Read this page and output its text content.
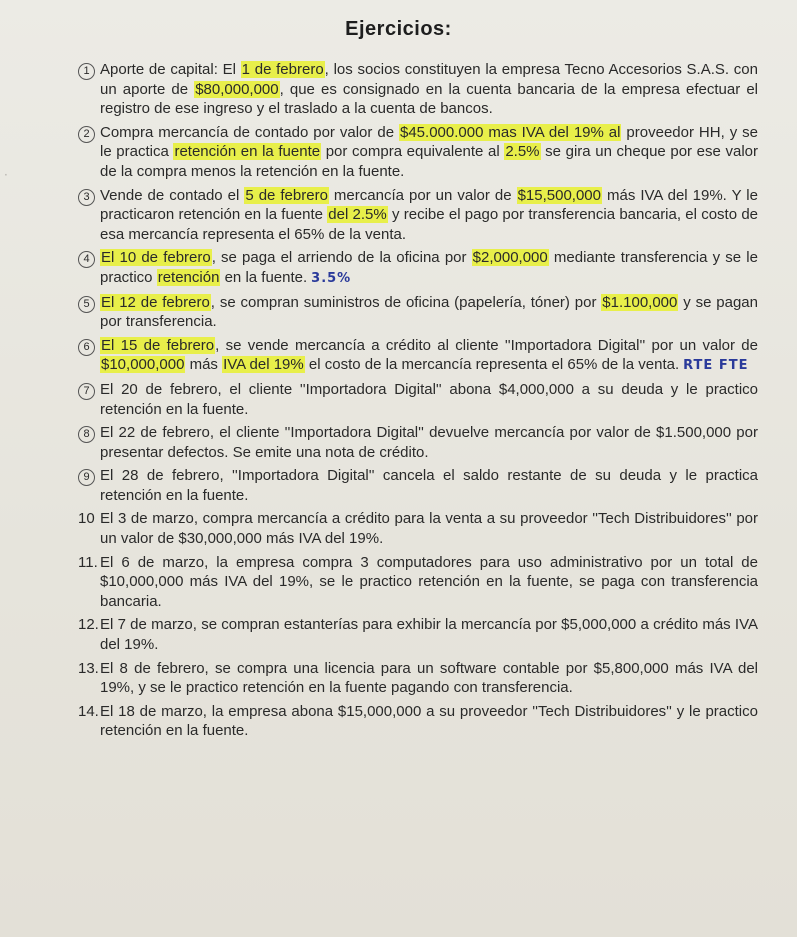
Ejercicios:
·
1 Aporte de capital: El 1 de febrero, los socios constituyen la empresa Tecno Accesorios S.A.S. con un aporte de $80,000,000, que es consignado en la cuenta bancaria de la empresa efectuar el registro de ese ingreso y el traslado a la cuenta de bancos.
2 Compra mercancía de contado por valor de $45.000.000 mas IVA del 19% al proveedor HH, y se le practica retención en la fuente por compra equivalente al 2.5% se gira un cheque por ese valor de la compra menos la retención en la fuente.
3 Vende de contado el 5 de febrero mercancía por un valor de $15,500,000 más IVA del 19%. Y le practicaron retención en la fuente del 2.5% y recibe el pago por transferencia bancaria, el costo de esa mercancía representa el 65% de la venta.
4 El 10 de febrero, se paga el arriendo de la oficina por $2,000,000 mediante transferencia y se le practico retención en la fuente. 3.5%
5 El 12 de febrero, se compran suministros de oficina (papelería, tóner) por $1.100,000 y se pagan por transferencia.
6 El 15 de febrero, se vende mercancía a crédito al cliente ''Importadora Digital'' por un valor de $10,000,000 más IVA del 19% el costo de la mercancía representa el 65% de la venta. RTE FTE
7 El 20 de febrero, el cliente ''Importadora Digital'' abona $4,000,000 a su deuda y le practico retención en la fuente.
8 El 22 de febrero, el cliente ''Importadora Digital'' devuelve mercancía por valor de $1.500,000 por presentar defectos. Se emite una nota de crédito.
9 El 28 de febrero, ''Importadora Digital'' cancela el saldo restante de su deuda y le practica retención en la fuente.
10 El 3 de marzo, compra mercancía a crédito para la venta a su proveedor ''Tech Distribuidores'' por un valor de $30,000,000 más IVA del 19%.
11. El 6 de marzo, la empresa compra 3 computadores para uso administrativo por un total de $10,000,000 más IVA del 19%, se le practico retención en la fuente, se paga con transferencia bancaria.
12. El 7 de marzo, se compran estanterías para exhibir la mercancía por $5,000,000 a crédito más IVA del 19%.
13. El 8 de febrero, se compra una licencia para un software contable por $5,800,000 más IVA del 19%, y se le practico retención en la fuente pagando con transferencia.
14. El 18 de marzo, la empresa abona $15,000,000 a su proveedor ''Tech Distribuidores'' y le practico retención en la fuente.
